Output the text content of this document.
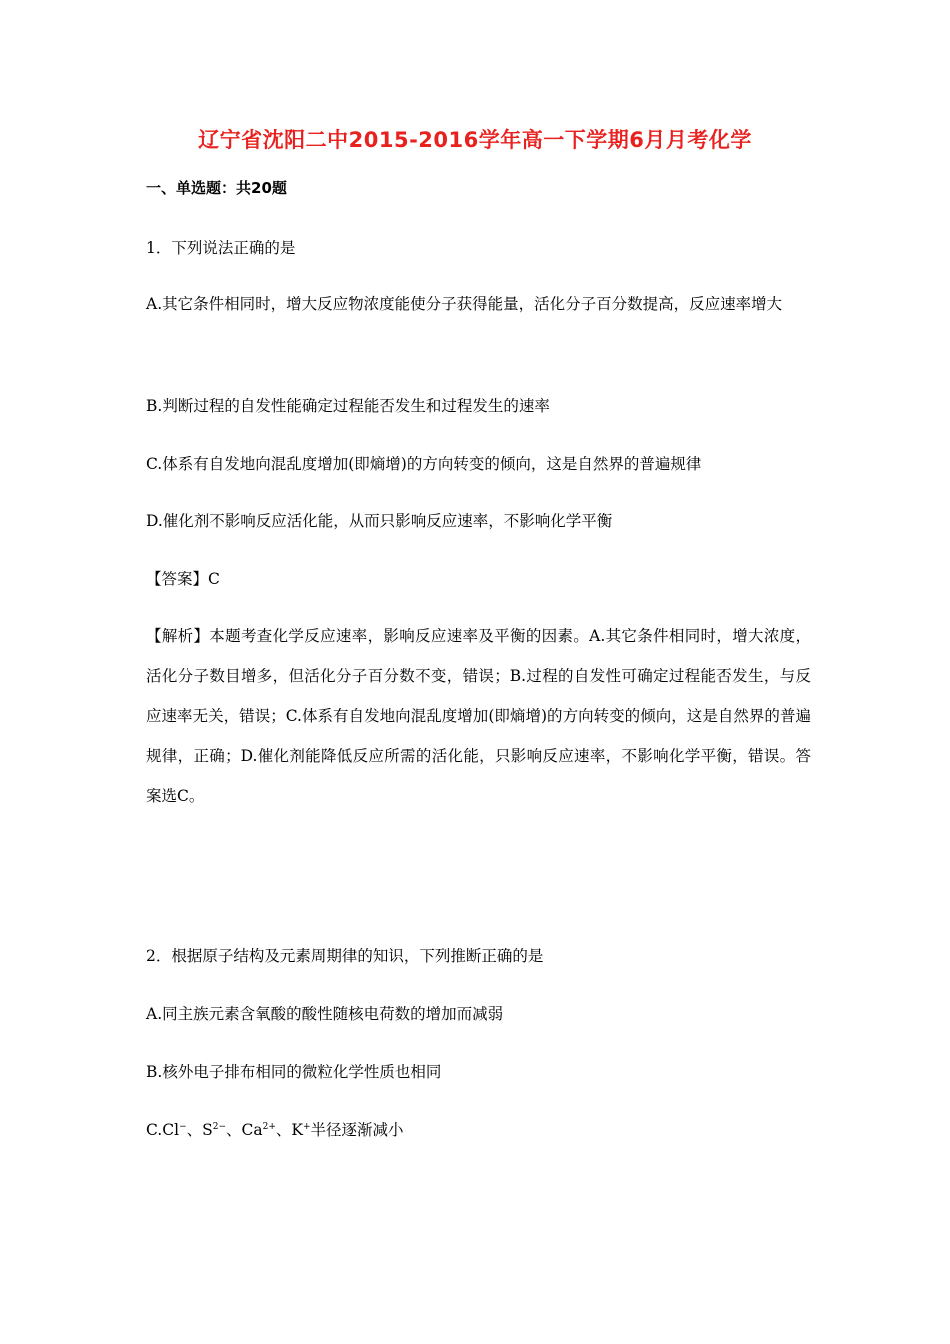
辽宁省沈阳二中2015-2016学年高一下学期6月月考化学
一、单选题：共20题
1．下列说法正确的是
A.其它条件相同时，增大反应物浓度能使分子获得能量，活化分子百分数提高，反应速率增大
B.判断过程的自发性能确定过程能否发生和过程发生的速率
C.体系有自发地向混乱度增加(即熵增)的方向转变的倾向，这是自然界的普遍规律
D.催化剂不影响反应活化能，从而只影响反应速率，不影响化学平衡
【答案】C
【解析】本题考查化学反应速率，影响反应速率及平衡的因素。A.其它条件相同时，增大浓度，活化分子数目增多，但活化分子百分数不变，错误；B.过程的自发性可确定过程能否发生，与反应速率无关，错误；C.体系有自发地向混乱度增加(即熵增)的方向转变的倾向，这是自然界的普遍规律，正确；D.催化剂能降低反应所需的活化能，只影响反应速率，不影响化学平衡，错误。答案选C。
2．根据原子结构及元素周期律的知识，下列推断正确的是
A.同主族元素含氧酸的酸性随核电荷数的增加而减弱
B.核外电子排布相同的微粒化学性质也相同
C.Cl−、$S^{2-}$、$Ca^{2+}$、K+半径逐渐减小
